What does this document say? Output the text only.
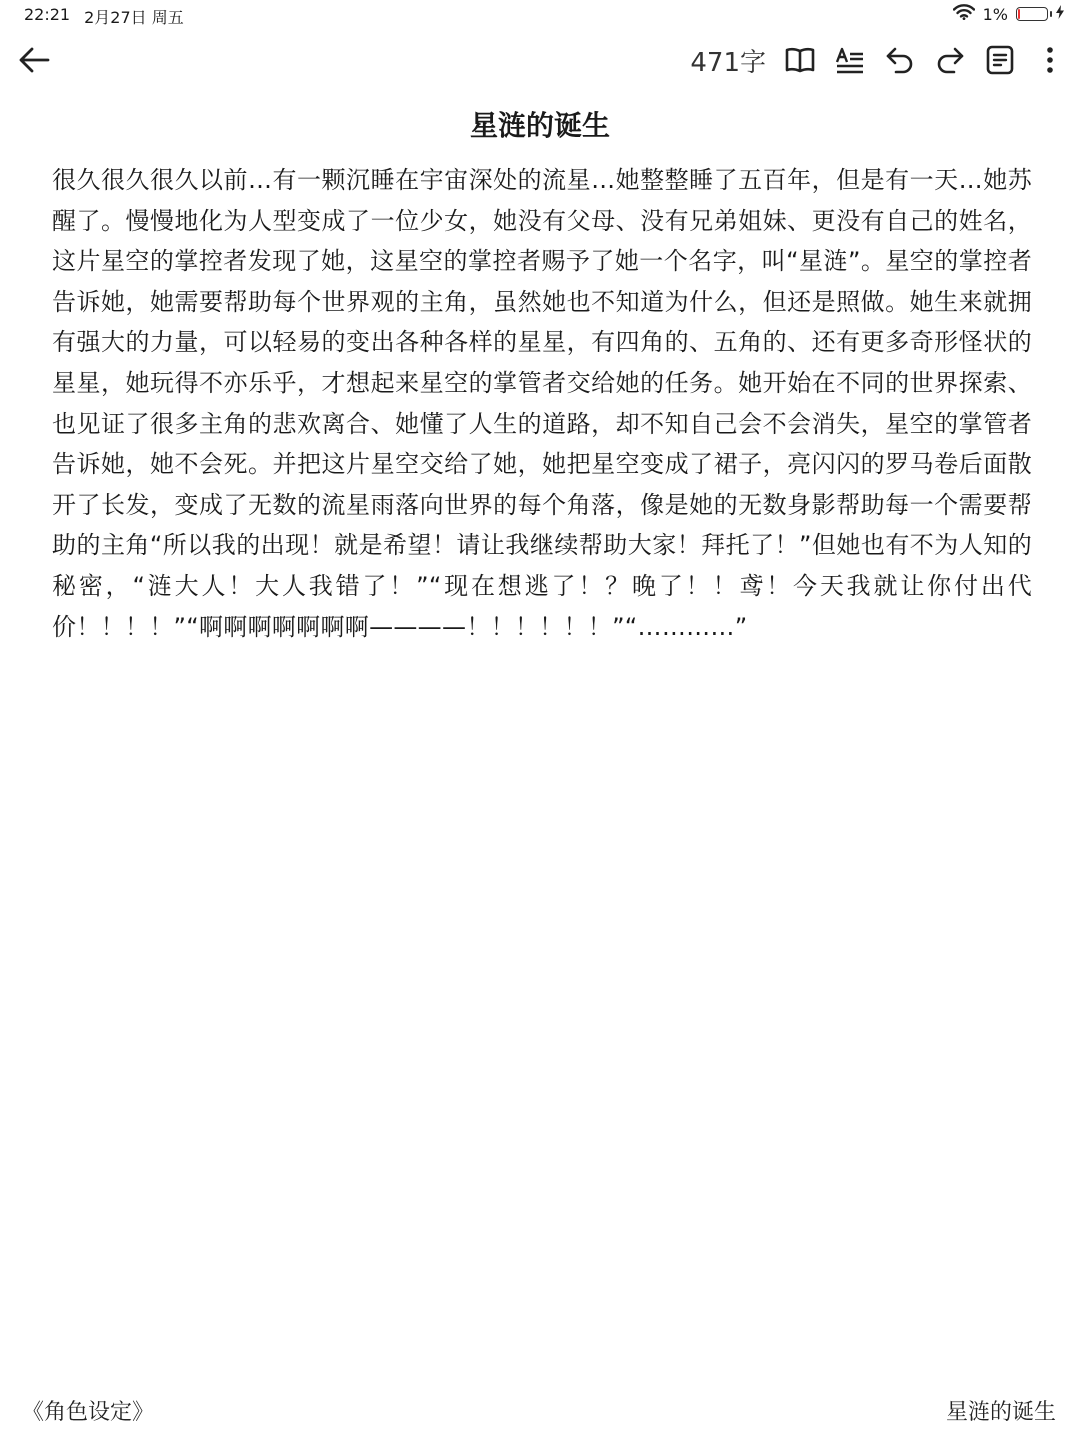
22:21 2月27日 周五	1%
471字
星涟的诞生
很久很久很久以前…有一颗沉睡在宇宙深处的流星…她整整睡了五百年，但是有一天…她苏醒了。慢慢地化为人型变成了一位少女，她没有父母、没有兄弟姐妹、更没有自己的姓名，这片星空的掌控者发现了她，这星空的掌控者赐予了她一个名字，叫“星涟”。星空的掌控者告诉她，她需要帮助每个世界观的主角，虽然她也不知道为什么，但还是照做。她生来就拥有强大的力量，可以轻易的变出各种各样的星星，有四角的、五角的、还有更多奇形怪状的星星，她玩得不亦乐乎，才想起来星空的掌管者交给她的任务。她开始在不同的世界探索、也见证了很多主角的悲欢离合、她懂了人生的道路，却不知自己会不会消失，星空的掌管者告诉她，她不会死。并把这片星空交给了她，她把星空变成了裙子，亮闪闪的罗马卷后面散开了长发，变成了无数的流星雨落向世界的每个角落，像是她的无数身影帮助每一个需要帮助的主角“所以我的出现！就是希望！请让我继续帮助大家！拜托了！”但她也有不为人知的秘密，“涟大人！大人我错了！”“现在想逃了！？晚了！！鸢！今天我就让你付出代价！！！！”“啊啊啊啊啊啊啊————！！！！！！”“…………”
《角色设定》	星涟的诞生
